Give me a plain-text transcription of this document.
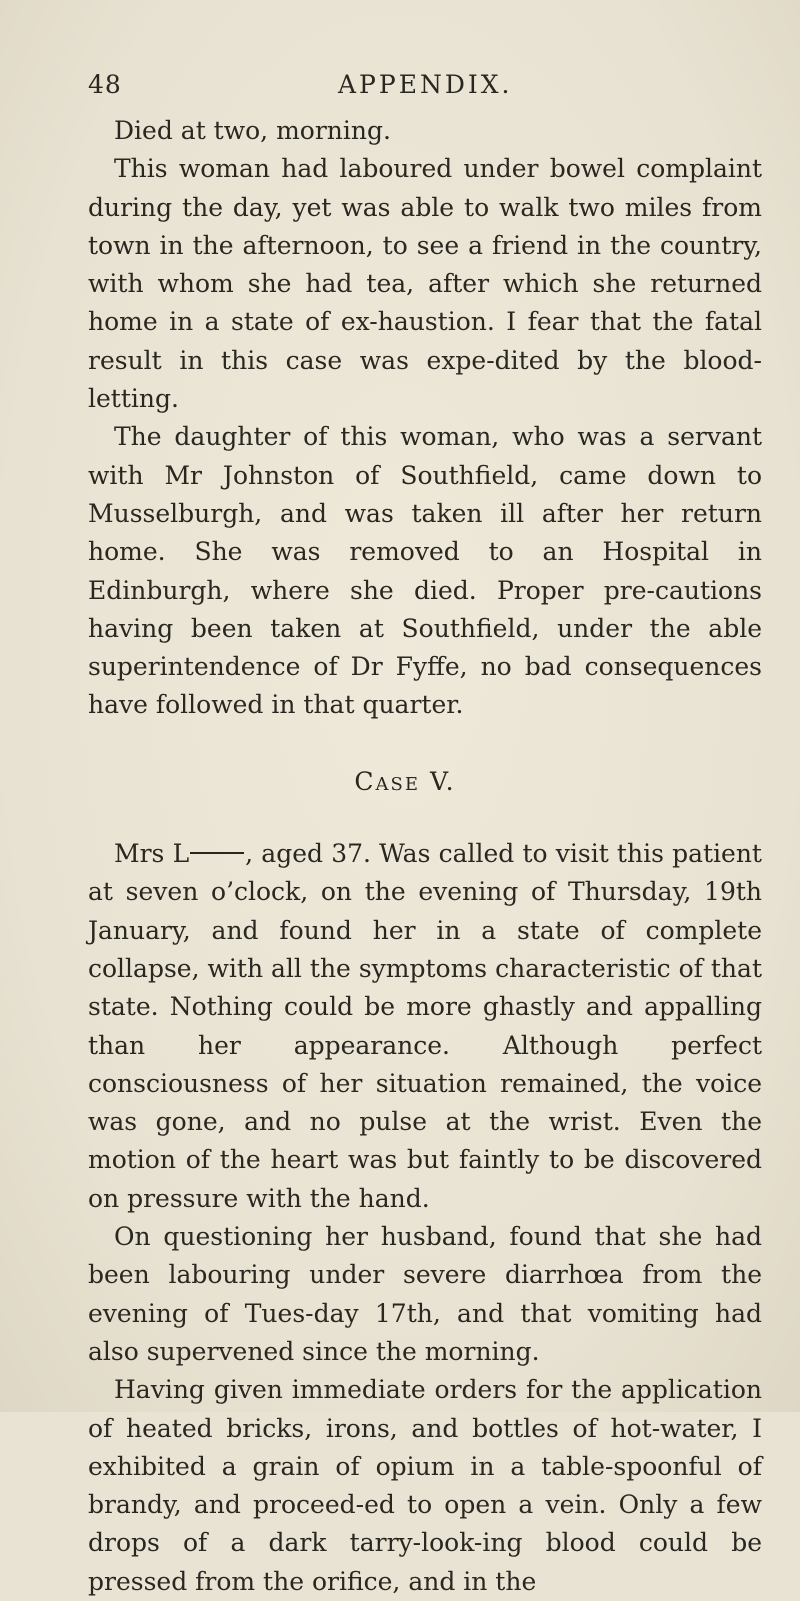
48	APPENDIX.

Died at two, morning.

This woman had laboured under bowel complaint during the day, yet was able to walk two miles from town in the afternoon, to see a friend in the country, with whom she had tea, after which she returned home in a state of ex-haustion. I fear that the fatal result in this case was expe-dited by the blood-letting.

The daughter of this woman, who was a servant with Mr Johnston of Southfield, came down to Musselburgh, and was taken ill after her return home. She was removed to an Hospital in Edinburgh, where she died. Proper pre-cautions having been taken at Southfield, under the able superintendence of Dr Fyffe, no bad consequences have followed in that quarter.

Case V.

Mrs L , aged 37. Was called to visit this patient at seven o’clock, on the evening of Thursday, 19th January, and found her in a state of complete collapse, with all the symptoms characteristic of that state. Nothing could be more ghastly and appalling than her appearance. Although perfect consciousness of her situation remained, the voice was gone, and no pulse at the wrist. Even the motion of the heart was but faintly to be discovered on pressure with the hand.

On questioning her husband, found that she had been labouring under severe diarrhœa from the evening of Tues-day 17th, and that vomiting had also supervened since the morning.

Having given immediate orders for the application of heated bricks, irons, and bottles of hot-water, I exhibited a grain of opium in a table-spoonful of brandy, and proceed-ed to open a vein. Only a few drops of a dark tarry-look-ing blood could be pressed from the orifice, and in the
